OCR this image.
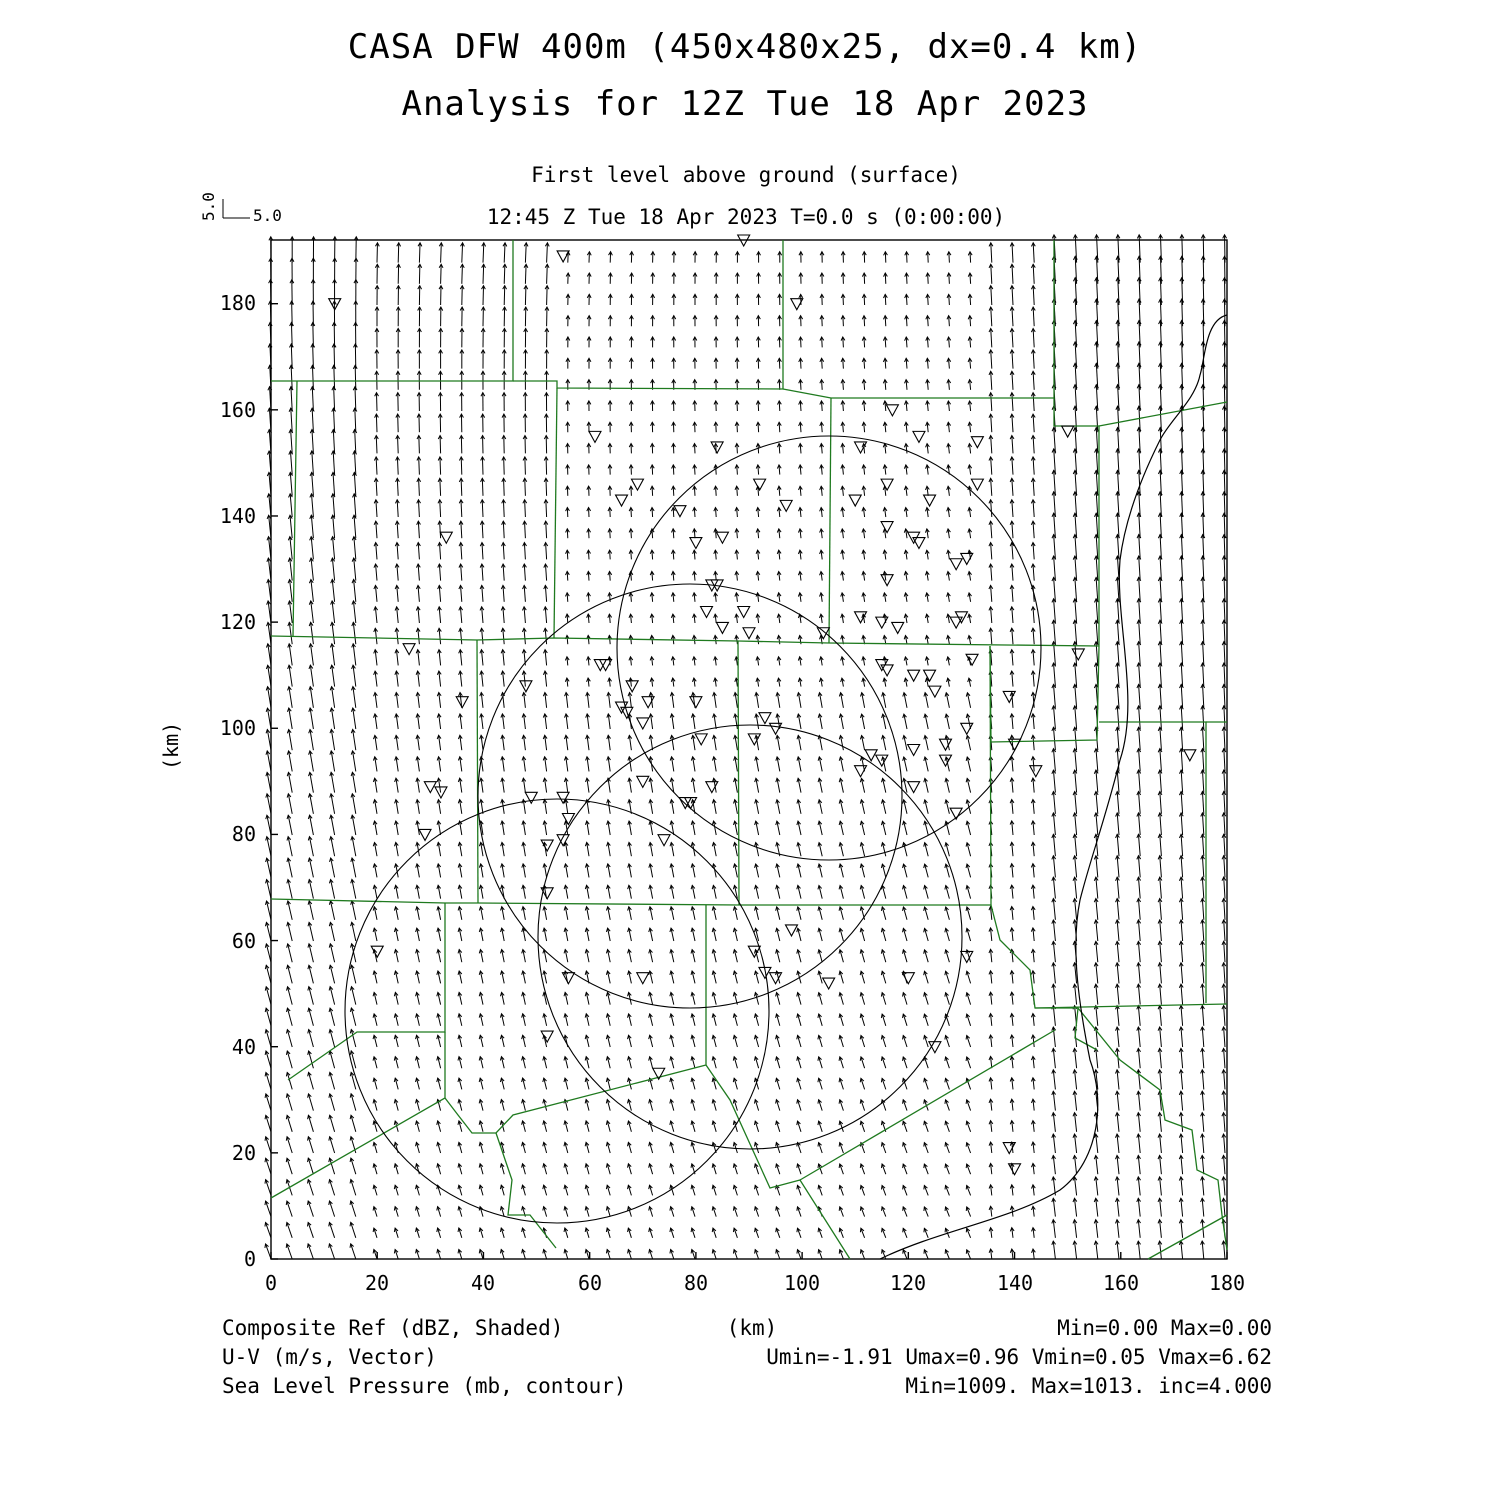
CASA DFW 400m (450x480x25, dx=0.4 km)
Analysis for 12Z Tue 18 Apr 2023
First level above ground (surface)
12:45 Z Tue 18 Apr 2023 T=0.0 s (0:00:00)
5.0
5.0
0	20	40	60	80	100	120	140	160	180
0
20
40
60
80
100
120
140
160
180
(km)
(km)
Composite Ref (dBZ, Shaded)
U-V (m/s, Vector)
Sea Level Pressure (mb, contour)
Min=0.00 Max=0.00
Umin=-1.91 Umax=0.96 Vmin=0.05 Vmax=6.62
Min=1009. Max=1013. inc=4.000
